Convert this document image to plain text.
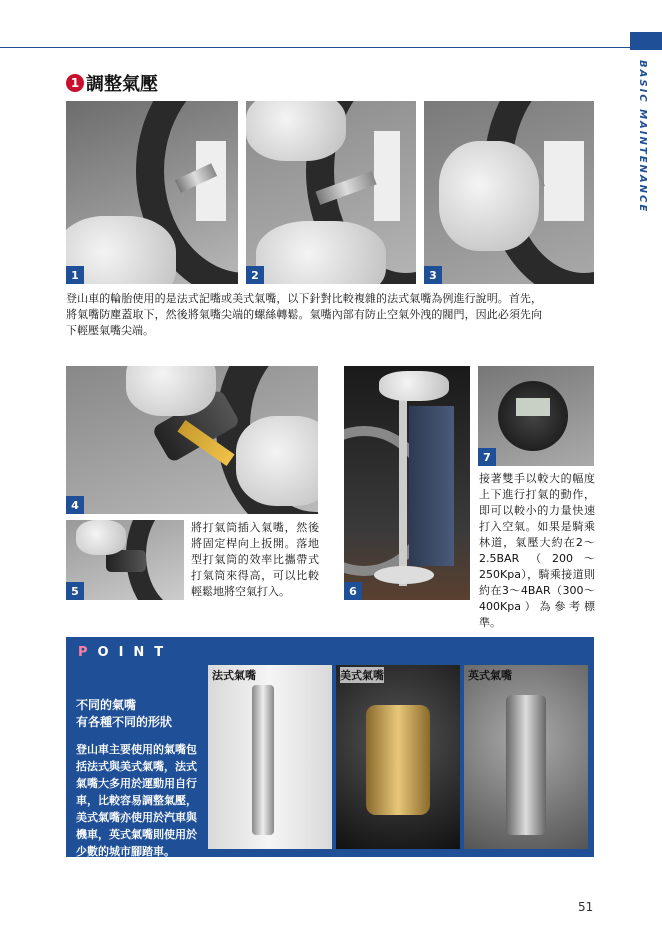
BASIC MAINTENANCE
1 調整氣壓
1	2	3
登山車的輪胎使用的是法式記嘴或美式氣嘴，以下針對比較複雜的法式氣嘴為例進行說明。首先，將氣嘴防塵蓋取下，然後將氣嘴尖端的螺絲轉鬆。氣嘴內部有防止空氣外洩的閥門，因此必須先向下輕壓氣嘴尖端。
4
5
將打氣筒插入氣嘴，然後將固定桿向上扳開。落地型打氣筒的效率比攜帶式打氣筒來得高，可以比較輕鬆地將空氣打入。	6
7
接著雙手以較大的幅度上下進行打氣的動作，即可以較小的力量快速打入空氣。如果是騎乘林道，氣壓大約在2～2.5BAR（200～250Kpa），騎乘接道則約在3～4BAR（300～400Kpa）為參考標準。
POINT
不同的氣嘴
有各種不同的形狀
登山車主要使用的氣嘴包括法式與美式氣嘴，法式氣嘴大多用於運動用自行車，比較容易調整氣壓，美式氣嘴亦使用於汽車與機車，英式氣嘴則使用於少數的城市腳踏車。
法式氣嘴	美式氣嘴	英式氣嘴
51
